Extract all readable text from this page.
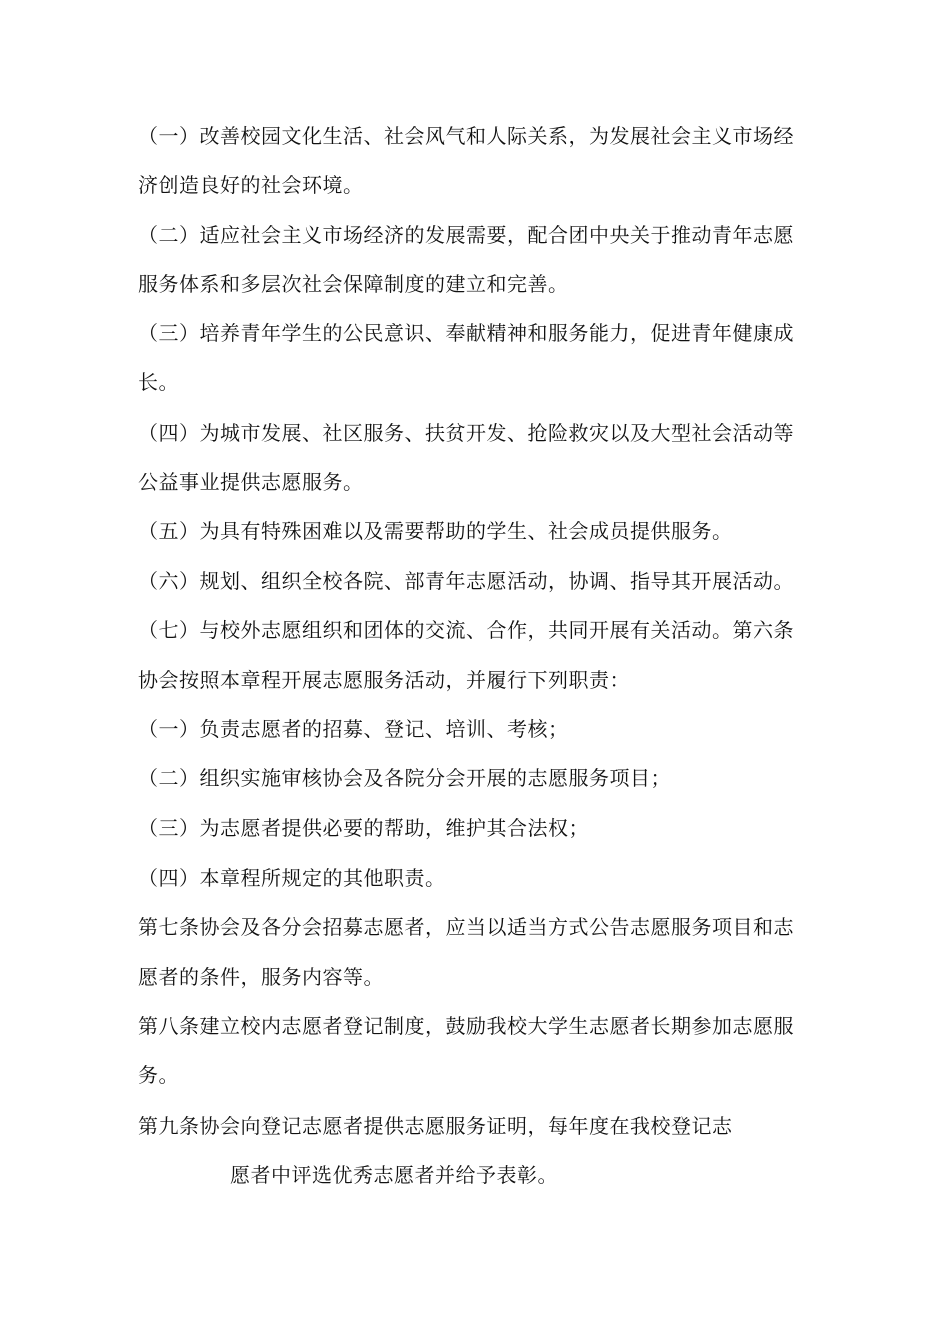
（一）改善校园文化生活、社会风气和人际关系，为发展社会主义市场经
济创造良好的社会环境。
（二）适应社会主义市场经济的发展需要，配合团中央关于推动青年志愿
服务体系和多层次社会保障制度的建立和完善。
（三）培养青年学生的公民意识、奉献精神和服务能力，促进青年健康成
长。
（四）为城市发展、社区服务、扶贫开发、抢险救灾以及大型社会活动等
公益事业提供志愿服务。
（五）为具有特殊困难以及需要帮助的学生、社会成员提供服务。
（六）规划、组织全校各院、部青年志愿活动，协调、指导其开展活动。
（七）与校外志愿组织和团体的交流、合作，共同开展有关活动。第六条
协会按照本章程开展志愿服务活动，并履行下列职责：
（一）负责志愿者的招募、登记、培训、考核；
（二）组织实施审核协会及各院分会开展的志愿服务项目；
（三）为志愿者提供必要的帮助，维护其合法权；
（四）本章程所规定的其他职责。
第七条协会及各分会招募志愿者，应当以适当方式公告志愿服务项目和志
愿者的条件，服务内容等。
第八条建立校内志愿者登记制度，鼓励我校大学生志愿者长期参加志愿服
务。
第九条协会向登记志愿者提供志愿服务证明，每年度在我校登记志
愿者中评选优秀志愿者并给予表彰。
